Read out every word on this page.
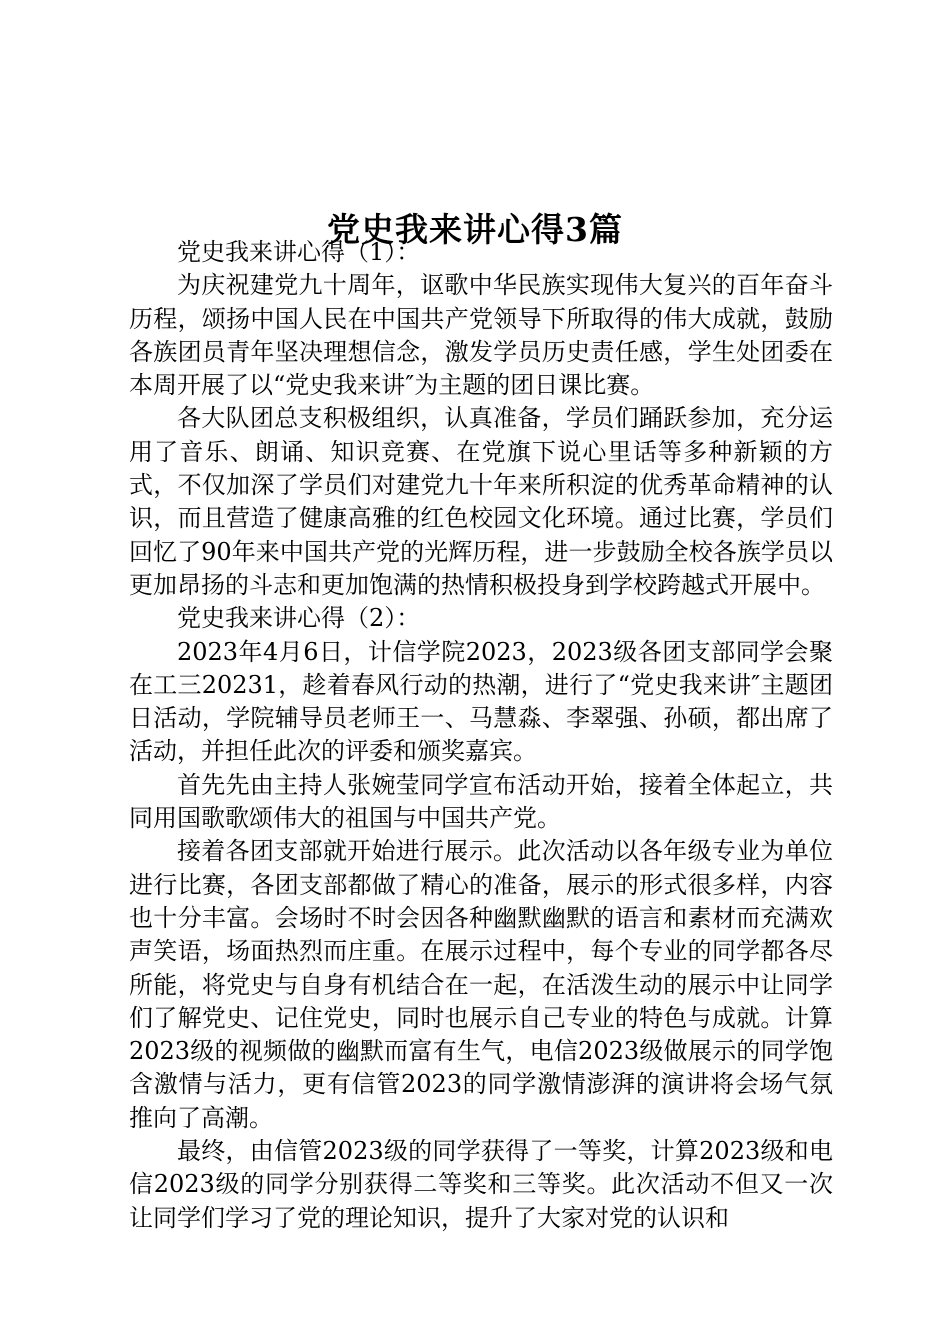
党史我来讲心得3篇

党史我来讲心得（1）：

为庆祝建党九十周年，讴歌中华民族实现伟大复兴的百年奋斗历程，颂扬中国人民在中国共产党领导下所取得的伟大成就，鼓励各族团员青年坚决理想信念，激发学员历史责任感，学生处团委在本周开展了以“党史我来讲″为主题的团日课比赛。

各大队团总支积极组织，认真准备，学员们踊跃参加，充分运用了音乐、朗诵、知识竞赛、在党旗下说心里话等多种新颖的方式，不仅加深了学员们对建党九十年来所积淀的优秀革命精神的认识，而且营造了健康高雅的红色校园文化环境。通过比赛，学员们回忆了90年来中国共产党的光辉历程，进一步鼓励全校各族学员以更加昂扬的斗志和更加饱满的热情积极投身到学校跨越式开展中。

党史我来讲心得（2）：

2023年4月6日，计信学院2023，2023级各团支部同学会聚在工三20231，趁着春风行动的热潮，进行了“党史我来讲″主题团日活动，学院辅导员老师王一、马慧淼、李翠强、孙硕，都出席了活动，并担任此次的评委和颁奖嘉宾。

首先先由主持人张婉莹同学宣布活动开始，接着全体起立，共同用国歌歌颂伟大的祖国与中国共产党。

接着各团支部就开始进行展示。此次活动以各年级专业为单位进行比赛，各团支部都做了精心的准备，展示的形式很多样，内容也十分丰富。会场时不时会因各种幽默幽默的语言和素材而充满欢声笑语，场面热烈而庄重。在展示过程中，每个专业的同学都各尽所能，将党史与自身有机结合在一起，在活泼生动的展示中让同学们了解党史、记住党史，同时也展示自己专业的特色与成就。计算2023级的视频做的幽默而富有生气，电信2023级做展示的同学饱含激情与活力，更有信管2023的同学激情澎湃的演讲将会场气氛推向了高潮。

最终，由信管2023级的同学获得了一等奖，计算2023级和电信2023级的同学分别获得二等奖和三等奖。此次活动不但又一次让同学们学习了党的理论知识，提升了大家对党的认识和
